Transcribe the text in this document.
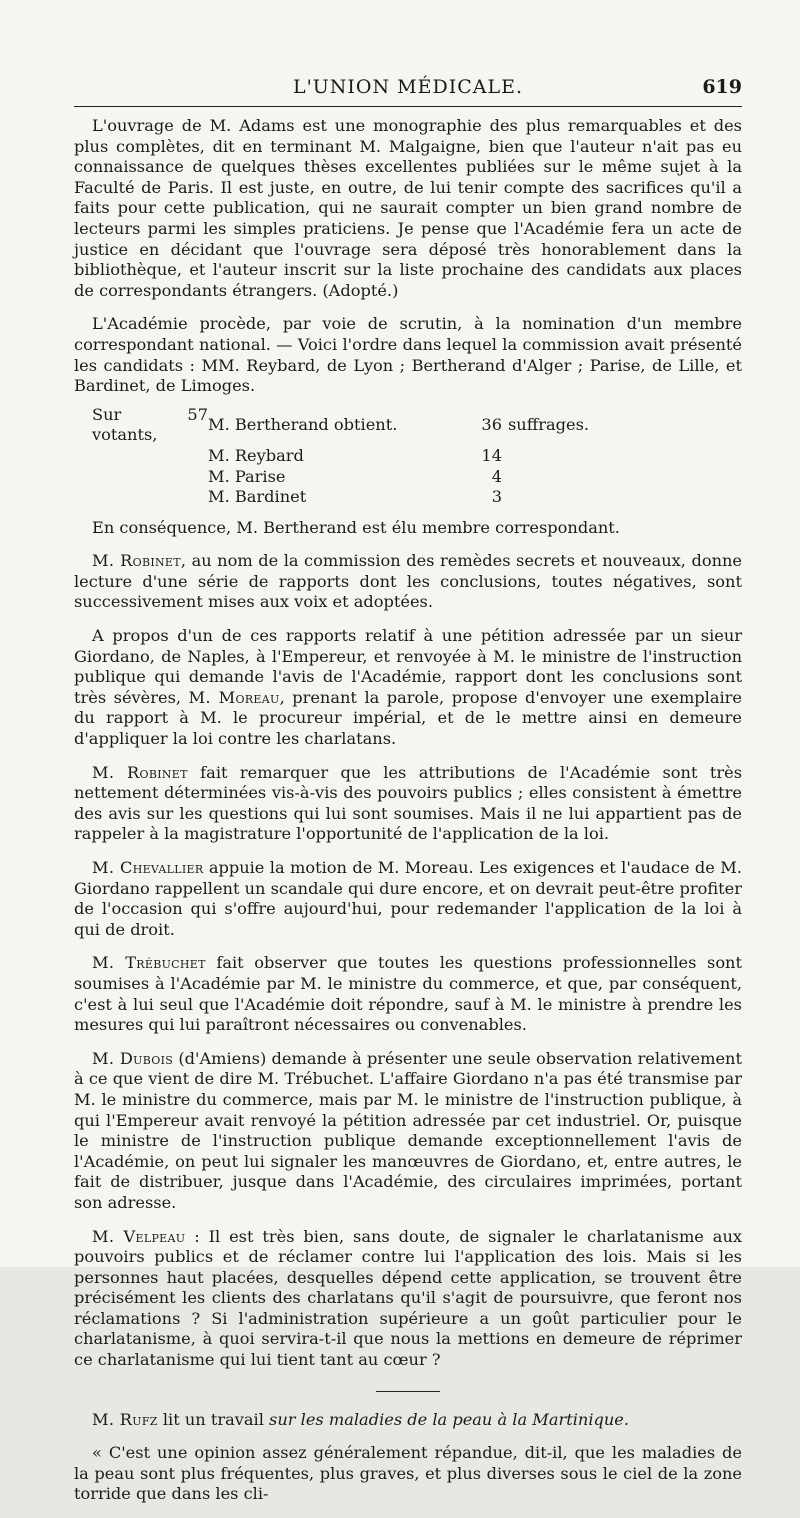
L'UNION MÉDICALE.	619

L'ouvrage de M. Adams est une monographie des plus remarquables et des plus complètes, dit en terminant M. Malgaigne, bien que l'auteur n'ait pas eu connaissance de quelques thèses excellentes publiées sur le même sujet à la Faculté de Paris. Il est juste, en outre, de lui tenir compte des sacrifices qu'il a faits pour cette publication, qui ne saurait compter un bien grand nombre de lecteurs parmi les simples praticiens. Je pense que l'Académie fera un acte de justice en décidant que l'ouvrage sera déposé très honorablement dans la bibliothèque, et l'auteur inscrit sur la liste prochaine des candidats aux places de correspondants étrangers. (Adopté.)

L'Académie procède, par voie de scrutin, à la nomination d'un membre correspondant national. — Voici l'ordre dans lequel la commission avait présenté les candidats : MM. Reybard, de Lyon ; Bertherand d'Alger ; Parise, de Lille, et Bardinet, de Limoges.

Sur 57 votants,	M. Bertherand obtient.	36	suffrages.
	M. Reybard	14	
	M. Parise	4	
	M. Bardinet	3	

En conséquence, M. Bertherand est élu membre correspondant.

M. Robinet, au nom de la commission des remèdes secrets et nouveaux, donne lecture d'une série de rapports dont les conclusions, toutes négatives, sont successivement mises aux voix et adoptées.

A propos d'un de ces rapports relatif à une pétition adressée par un sieur Giordano, de Naples, à l'Empereur, et renvoyée à M. le ministre de l'instruction publique qui demande l'avis de l'Académie, rapport dont les conclusions sont très sévères, M. Moreau, prenant la parole, propose d'envoyer une exemplaire du rapport à M. le procureur impérial, et de le mettre ainsi en demeure d'appliquer la loi contre les charlatans.

M. Robinet fait remarquer que les attributions de l'Académie sont très nettement déterminées vis-à-vis des pouvoirs publics ; elles consistent à émettre des avis sur les questions qui lui sont soumises. Mais il ne lui appartient pas de rappeler à la magistrature l'opportunité de l'application de la loi.

M. Chevallier appuie la motion de M. Moreau. Les exigences et l'audace de M. Giordano rappellent un scandale qui dure encore, et on devrait peut-être profiter de l'occasion qui s'offre aujourd'hui, pour redemander l'application de la loi à qui de droit.

M. Trébuchet fait observer que toutes les questions professionnelles sont soumises à l'Académie par M. le ministre du commerce, et que, par conséquent, c'est à lui seul que l'Académie doit répondre, sauf à M. le ministre à prendre les mesures qui lui paraîtront nécessaires ou convenables.

M. Dubois (d'Amiens) demande à présenter une seule observation relativement à ce que vient de dire M. Trébuchet. L'affaire Giordano n'a pas été transmise par M. le ministre du commerce, mais par M. le ministre de l'instruction publique, à qui l'Empereur avait renvoyé la pétition adressée par cet industriel. Or, puisque le ministre de l'instruction publique demande exceptionnellement l'avis de l'Académie, on peut lui signaler les manœuvres de Giordano, et, entre autres, le fait de distribuer, jusque dans l'Académie, des circulaires imprimées, portant son adresse.

M. Velpeau : Il est très bien, sans doute, de signaler le charlatanisme aux pouvoirs publics et de réclamer contre lui l'application des lois. Mais si les personnes haut placées, desquelles dépend cette application, se trouvent être précisément les clients des charlatans qu'il s'agit de poursuivre, que feront nos réclamations ? Si l'administration supérieure a un goût particulier pour le charlatanisme, à quoi servira-t-il que nous la mettions en demeure de réprimer ce charlatanisme qui lui tient tant au cœur ?

M. Rufz lit un travail sur les maladies de la peau à la Martinique.

« C'est une opinion assez généralement répandue, dit-il, que les maladies de la peau sont plus fréquentes, plus graves, et plus diverses sous le ciel de la zone torride que dans les cli-
